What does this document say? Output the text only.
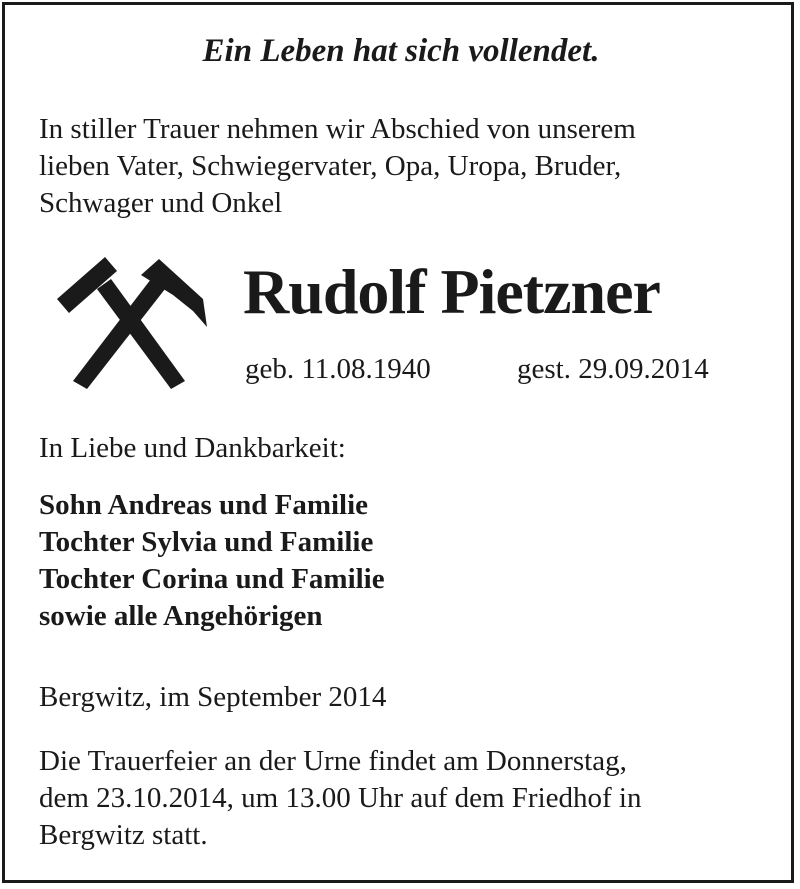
Ein Leben hat sich vollendet.
In stiller Trauer nehmen wir Abschied von unserem
lieben Vater, Schwiegervater, Opa, Uropa, Bruder,
Schwager und Onkel
Rudolf Pietzner
geb. 11.08.1940	gest. 29.09.2014
In Liebe und Dankbarkeit:
Sohn Andreas und Familie
Tochter Sylvia und Familie
Tochter Corina und Familie
sowie alle Angehörigen
Bergwitz, im September 2014
Die Trauerfeier an der Urne findet am Donnerstag,
dem 23.10.2014, um 13.00 Uhr auf dem Friedhof in
Bergwitz statt.
